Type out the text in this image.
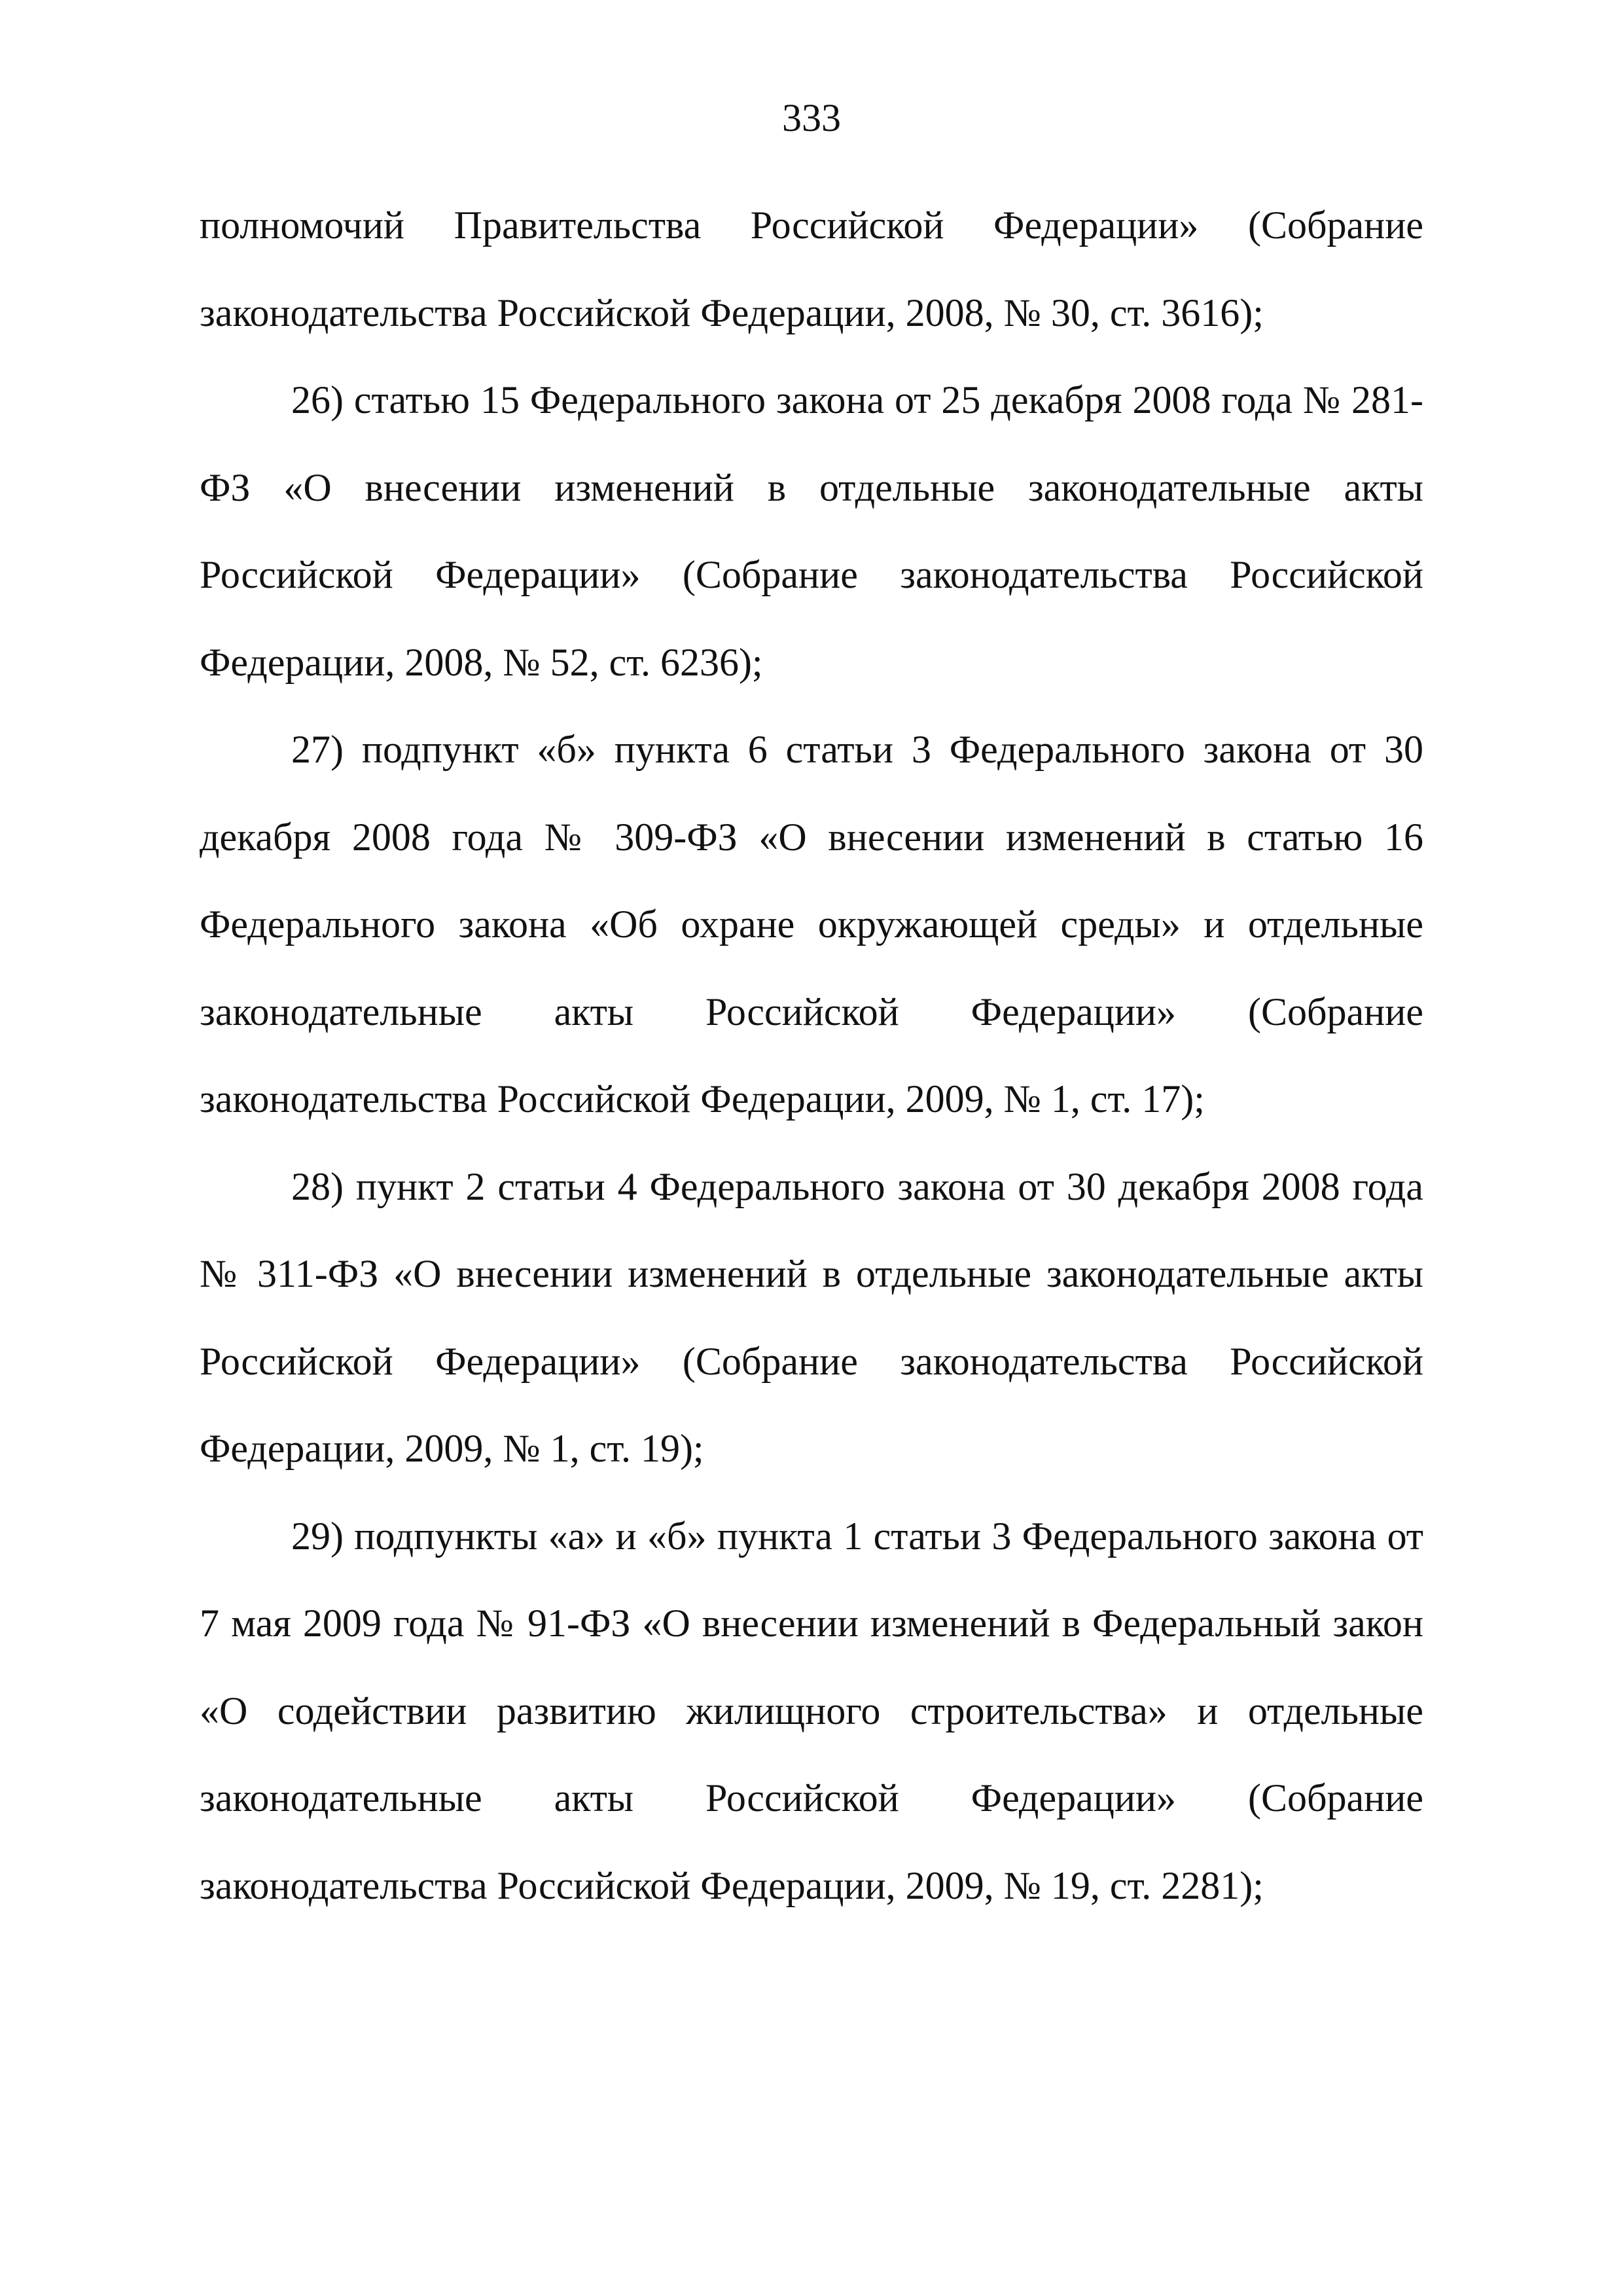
333

полномочий Правительства Российской Федерации» (Собрание законодательства Российской Федерации, 2008, № 30, ст. 3616);

26) статью 15 Федерального закона от 25 декабря 2008 года № 281-ФЗ «О внесении изменений в отдельные законодательные акты Российской Федерации» (Собрание законодательства Российской Федерации, 2008, № 52, ст. 6236);

27) подпункт «б» пункта 6 статьи 3 Федерального закона от 30 декабря 2008 года № 309-ФЗ «О внесении изменений в статью 16 Федерального закона «Об охране окружающей среды» и отдельные законодательные акты Российской Федерации» (Собрание законодательства Российской Федерации, 2009, № 1, ст. 17);

28) пункт 2 статьи 4 Федерального закона от 30 декабря 2008 года № 311-ФЗ «О внесении изменений в отдельные законодательные акты Российской Федерации» (Собрание законодательства Российской Федерации, 2009, № 1, ст. 19);

29) подпункты «а» и «б» пункта 1 статьи 3 Федерального закона от 7 мая 2009 года № 91-ФЗ «О внесении изменений в Федеральный закон «О содействии развитию жилищного строительства» и отдельные законодательные акты Российской Федерации» (Собрание законодательства Российской Федерации, 2009, № 19, ст. 2281);
